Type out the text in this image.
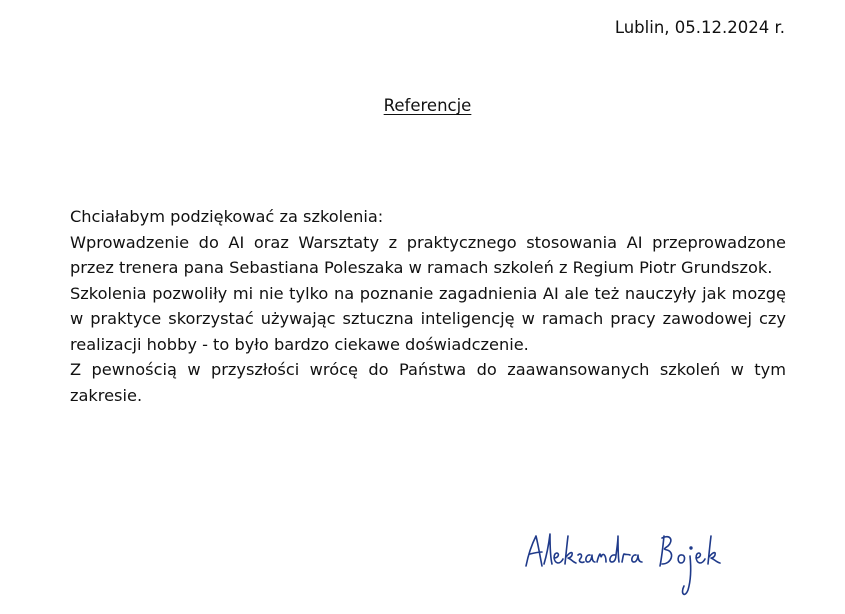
Lublin, 05.12.2024 r.
Referencje

Chciałabym podziękować za szkolenia:

Wprowadzenie do AI oraz Warsztaty z praktycznego stosowania AI przeprowadzone przez trenera pana Sebastiana Poleszaka w ramach szkoleń z Regium Piotr Grundszok.

Szkolenia pozwoliły mi nie tylko na poznanie zagadnienia AI ale też nauczyły jak mozgę w praktyce skorzystać używając sztuczna inteligencję w ramach pracy zawodowej czy realizacji hobby - to było bardzo ciekawe doświadczenie.

Z pewnością w przyszłości wrócę do Państwa do zaawansowanych szkoleń w tym zakresie.
